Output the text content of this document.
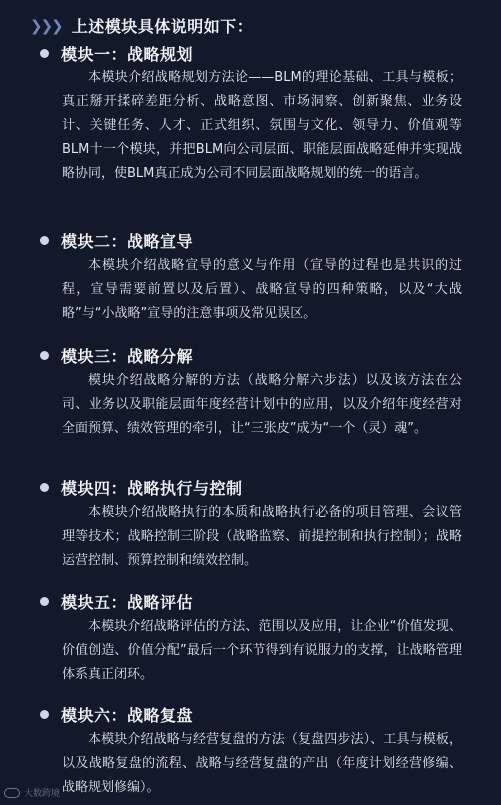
❯❯❯ 上述模块具体说明如下：
模块一：战略规划
本模块介绍战略规划方法论——BLM的理论基础、工具与模板；真正掰开揉碎差距分析、战略意图、市场洞察、创新聚焦、业务设计、关键任务、人才、正式组织、氛围与文化、领导力、价值观等BLM十一个模块，并把BLM向公司层面、职能层面战略延伸并实现战略协同，使BLM真正成为公司不同层面战略规划的统一的语言。
模块二：战略宣导
本模块介绍战略宣导的意义与作用（宣导的过程也是共识的过程，宣导需要前置以及后置）、战略宣导的四种策略，以及“大战略”与“小战略”宣导的注意事项及常见误区。
模块三：战略分解
模块介绍战略分解的方法（战略分解六步法）以及该方法在公司、业务以及职能层面年度经营计划中的应用，以及介绍年度经营对全面预算、绩效管理的牵引，让“三张皮”成为“一个（灵）魂”。
模块四：战略执行与控制
本模块介绍战略执行的本质和战略执行必备的项目管理、会议管理等技术；战略控制三阶段（战略监察、前提控制和执行控制）；战略运营控制、预算控制和绩效控制。
模块五：战略评估
本模块介绍战略评估的方法、范围以及应用，让企业“价值发现、价值创造、价值分配”最后一个环节得到有说服力的支撑，让战略管理体系真正闭环。
模块六：战略复盘
本模块介绍战略与经营复盘的方法（复盘四步法）、工具与模板，以及战略复盘的流程、战略与经营复盘的产出（年度计划经营修编、战略规划修编）。
大数跨境
